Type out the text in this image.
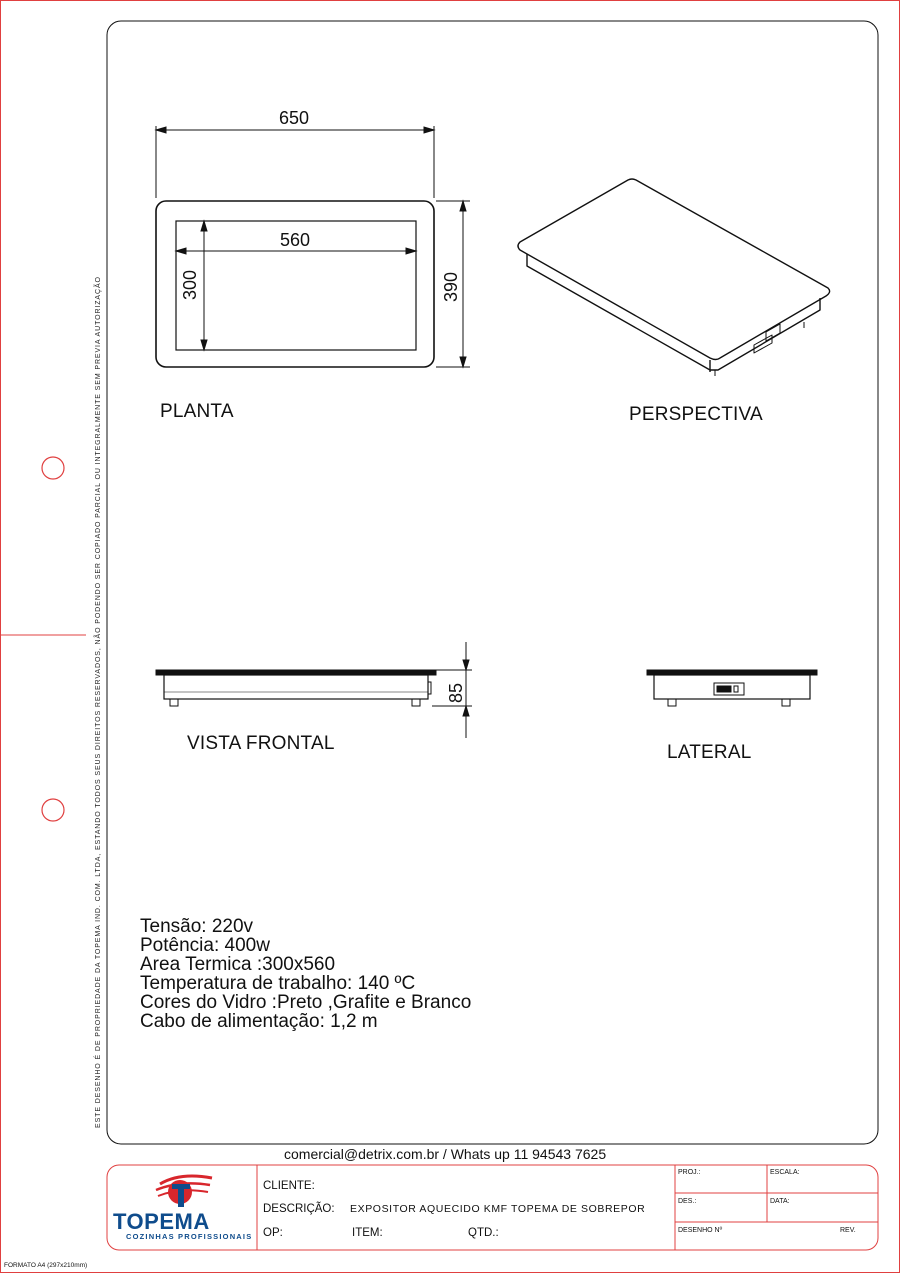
650
560
300	390
PLANTA	PERSPECTIVA
85
VISTA FRONTAL	LATERAL
Tensão: 220v
Potência: 400w
Area Termica :300x560
Temperatura de trabalho: 140 ºC
Cores do Vidro :Preto ,Grafite e Branco
Cabo de alimentação: 1,2 m
ESTE DESENHO É DE PROPRIEDADE DA TOPEMA IND. COM. LTDA, ESTANDO TODOS SEUS DIREITOS RESERVADOS, NÃO PODENDO SER COPIADO PARCIAL OU INTEGRALMENTE SEM PREVIA AUTORIZAÇÃO
comercial@detrix.com.br / Whats up 11 94543 7625
TOPEMA
COZINHAS PROFISSIONAIS
CLIENTE:
DESCRIÇÃO: EXPOSITOR AQUECIDO KMF TOPEMA DE SOBREPOR
OP:	ITEM:	QTD.:
PROJ.:	ESCALA:
DES.:	DATA:
DESENHO Nº	REV.
FORMATO A4 (297x210mm)
